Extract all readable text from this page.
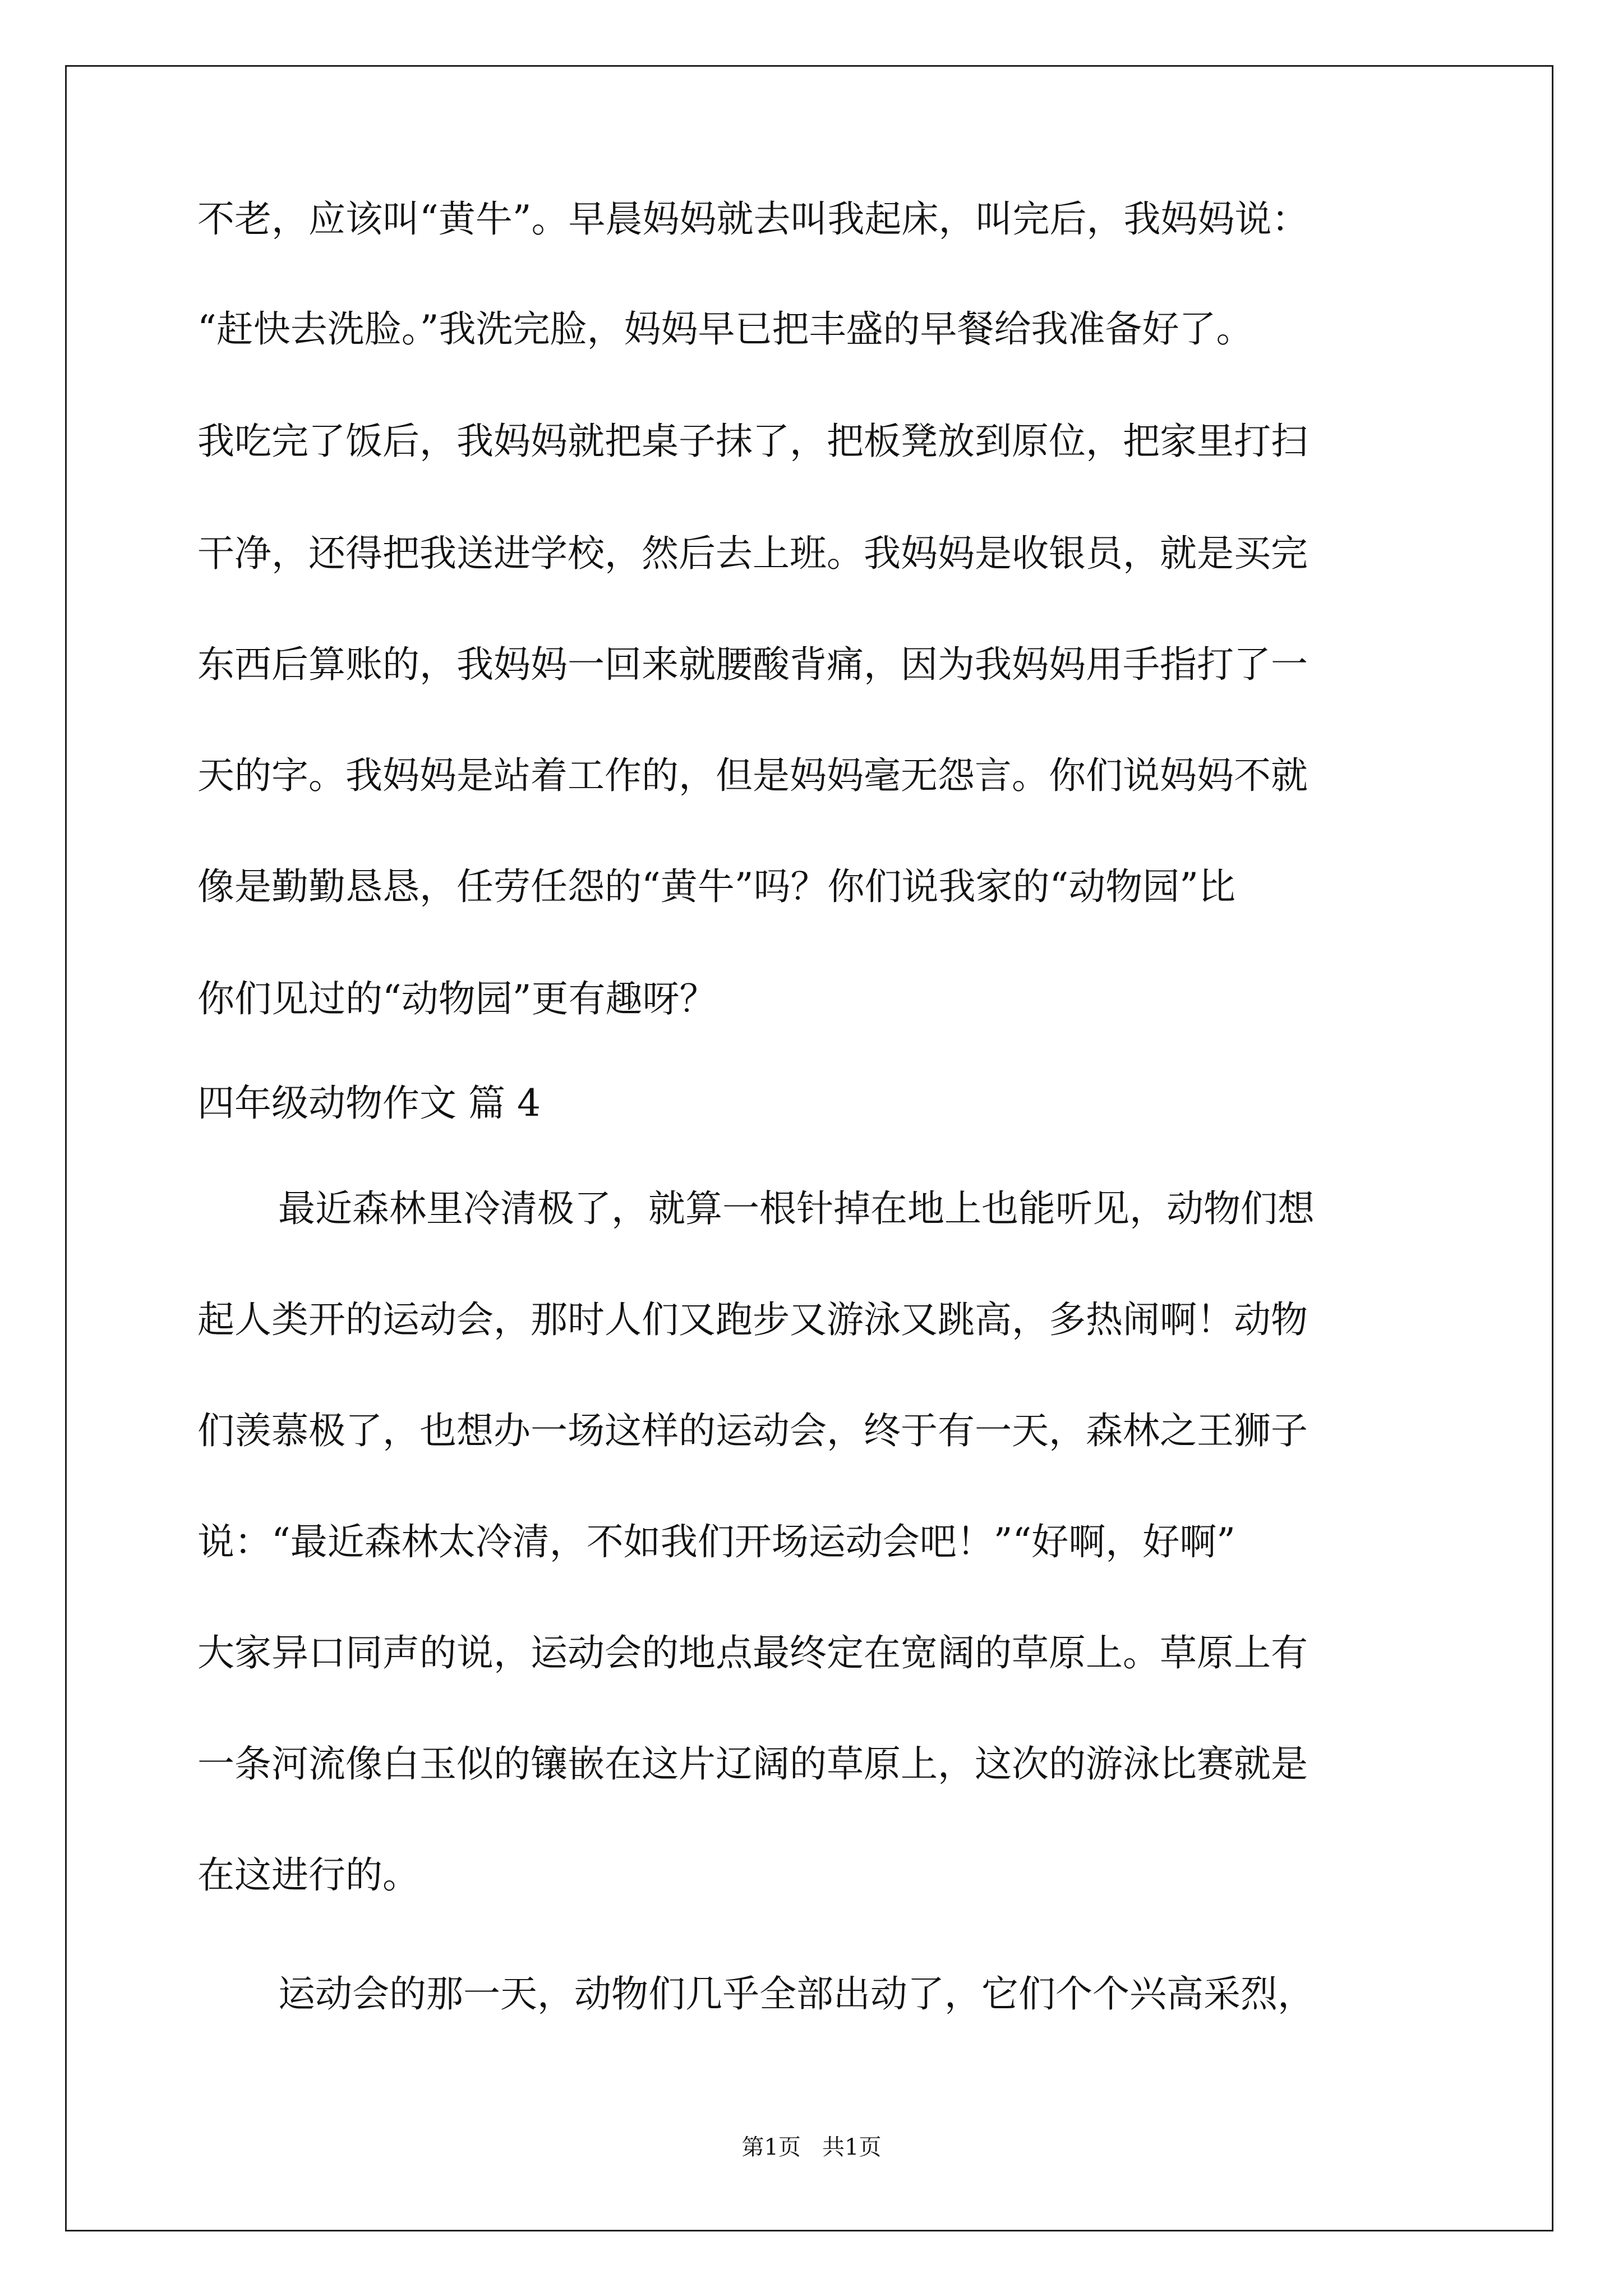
不老，应该叫“黄牛”。早晨妈妈就去叫我起床，叫完后，我妈妈说：
“赶快去洗脸。”我洗完脸，妈妈早已把丰盛的早餐给我准备好了。
我吃完了饭后，我妈妈就把桌子抹了，把板凳放到原位，把家里打扫
干净，还得把我送进学校，然后去上班。我妈妈是收银员，就是买完
东西后算账的，我妈妈一回来就腰酸背痛，因为我妈妈用手指打了一
天的字。我妈妈是站着工作的，但是妈妈毫无怨言。你们说妈妈不就
像是勤勤恳恳，任劳任怨的“黄牛”吗？你们说我家的“动物园”比
你们见过的“动物园”更有趣呀？
四年级动物作文 篇 4
最近森林里冷清极了，就算一根针掉在地上也能听见，动物们想
起人类开的运动会，那时人们又跑步又游泳又跳高，多热闹啊！动物
们羡慕极了，也想办一场这样的运动会，终于有一天，森林之王狮子
说：“最近森林太冷清，不如我们开场运动会吧！”“好啊，好啊”
大家异口同声的说，运动会的地点最终定在宽阔的草原上。草原上有
一条河流像白玉似的镶嵌在这片辽阔的草原上，这次的游泳比赛就是
在这进行的。
运动会的那一天，动物们几乎全部出动了，它们个个兴高采烈，
第1页   共1页
